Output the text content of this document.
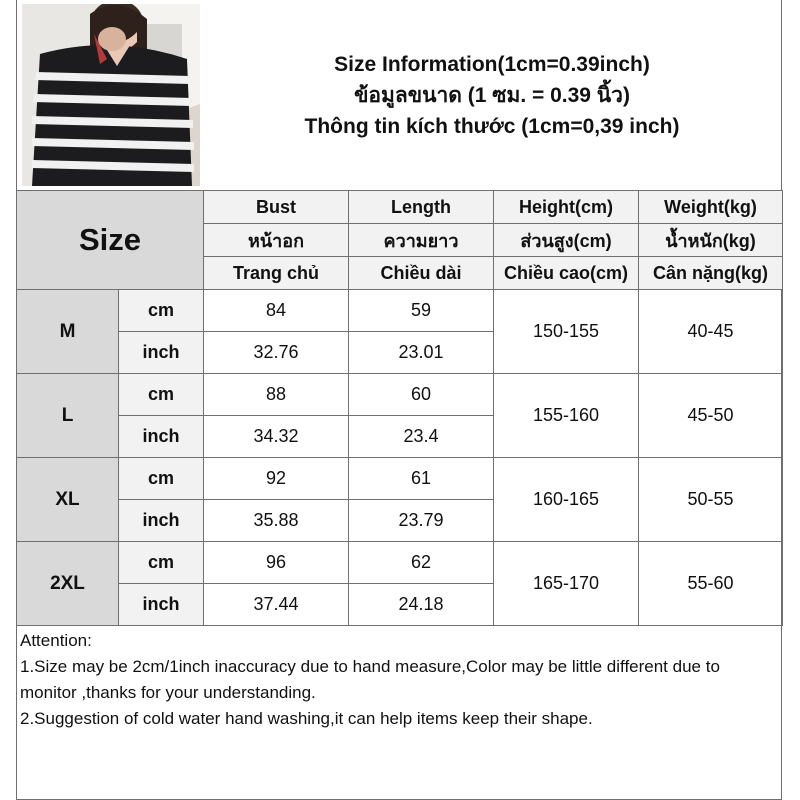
Size Information(1cm=0.39inch)
ข้อมูลขนาด (1 ซม. = 0.39 นิ้ว)
Thông tin kích thước (1cm=0,39 inch)
Size		Bust	Length	Height(cm)	Weight(kg)
		หน้าอก	ความยาว	ส่วนสูง(cm)	น้ำหนัก(kg)
		Trang chủ	Chiều dài	Chiều cao(cm)	Cân nặng(kg)
M	cm	84	59	150-155	40-45
	inch	32.76	23.01		
L	cm	88	60	155-160	45-50
	inch	34.32	23.4		
XL	cm	92	61	160-165	50-55
	inch	35.88	23.79		
2XL	cm	96	62	165-170	55-60
	inch	37.44	24.18		
Attention:
1.Size may be 2cm/1inch inaccuracy due to hand measure,Color may be little different due to monitor ,thanks for your understanding.
2.Suggestion of cold water hand washing,it can help items keep their shape.
